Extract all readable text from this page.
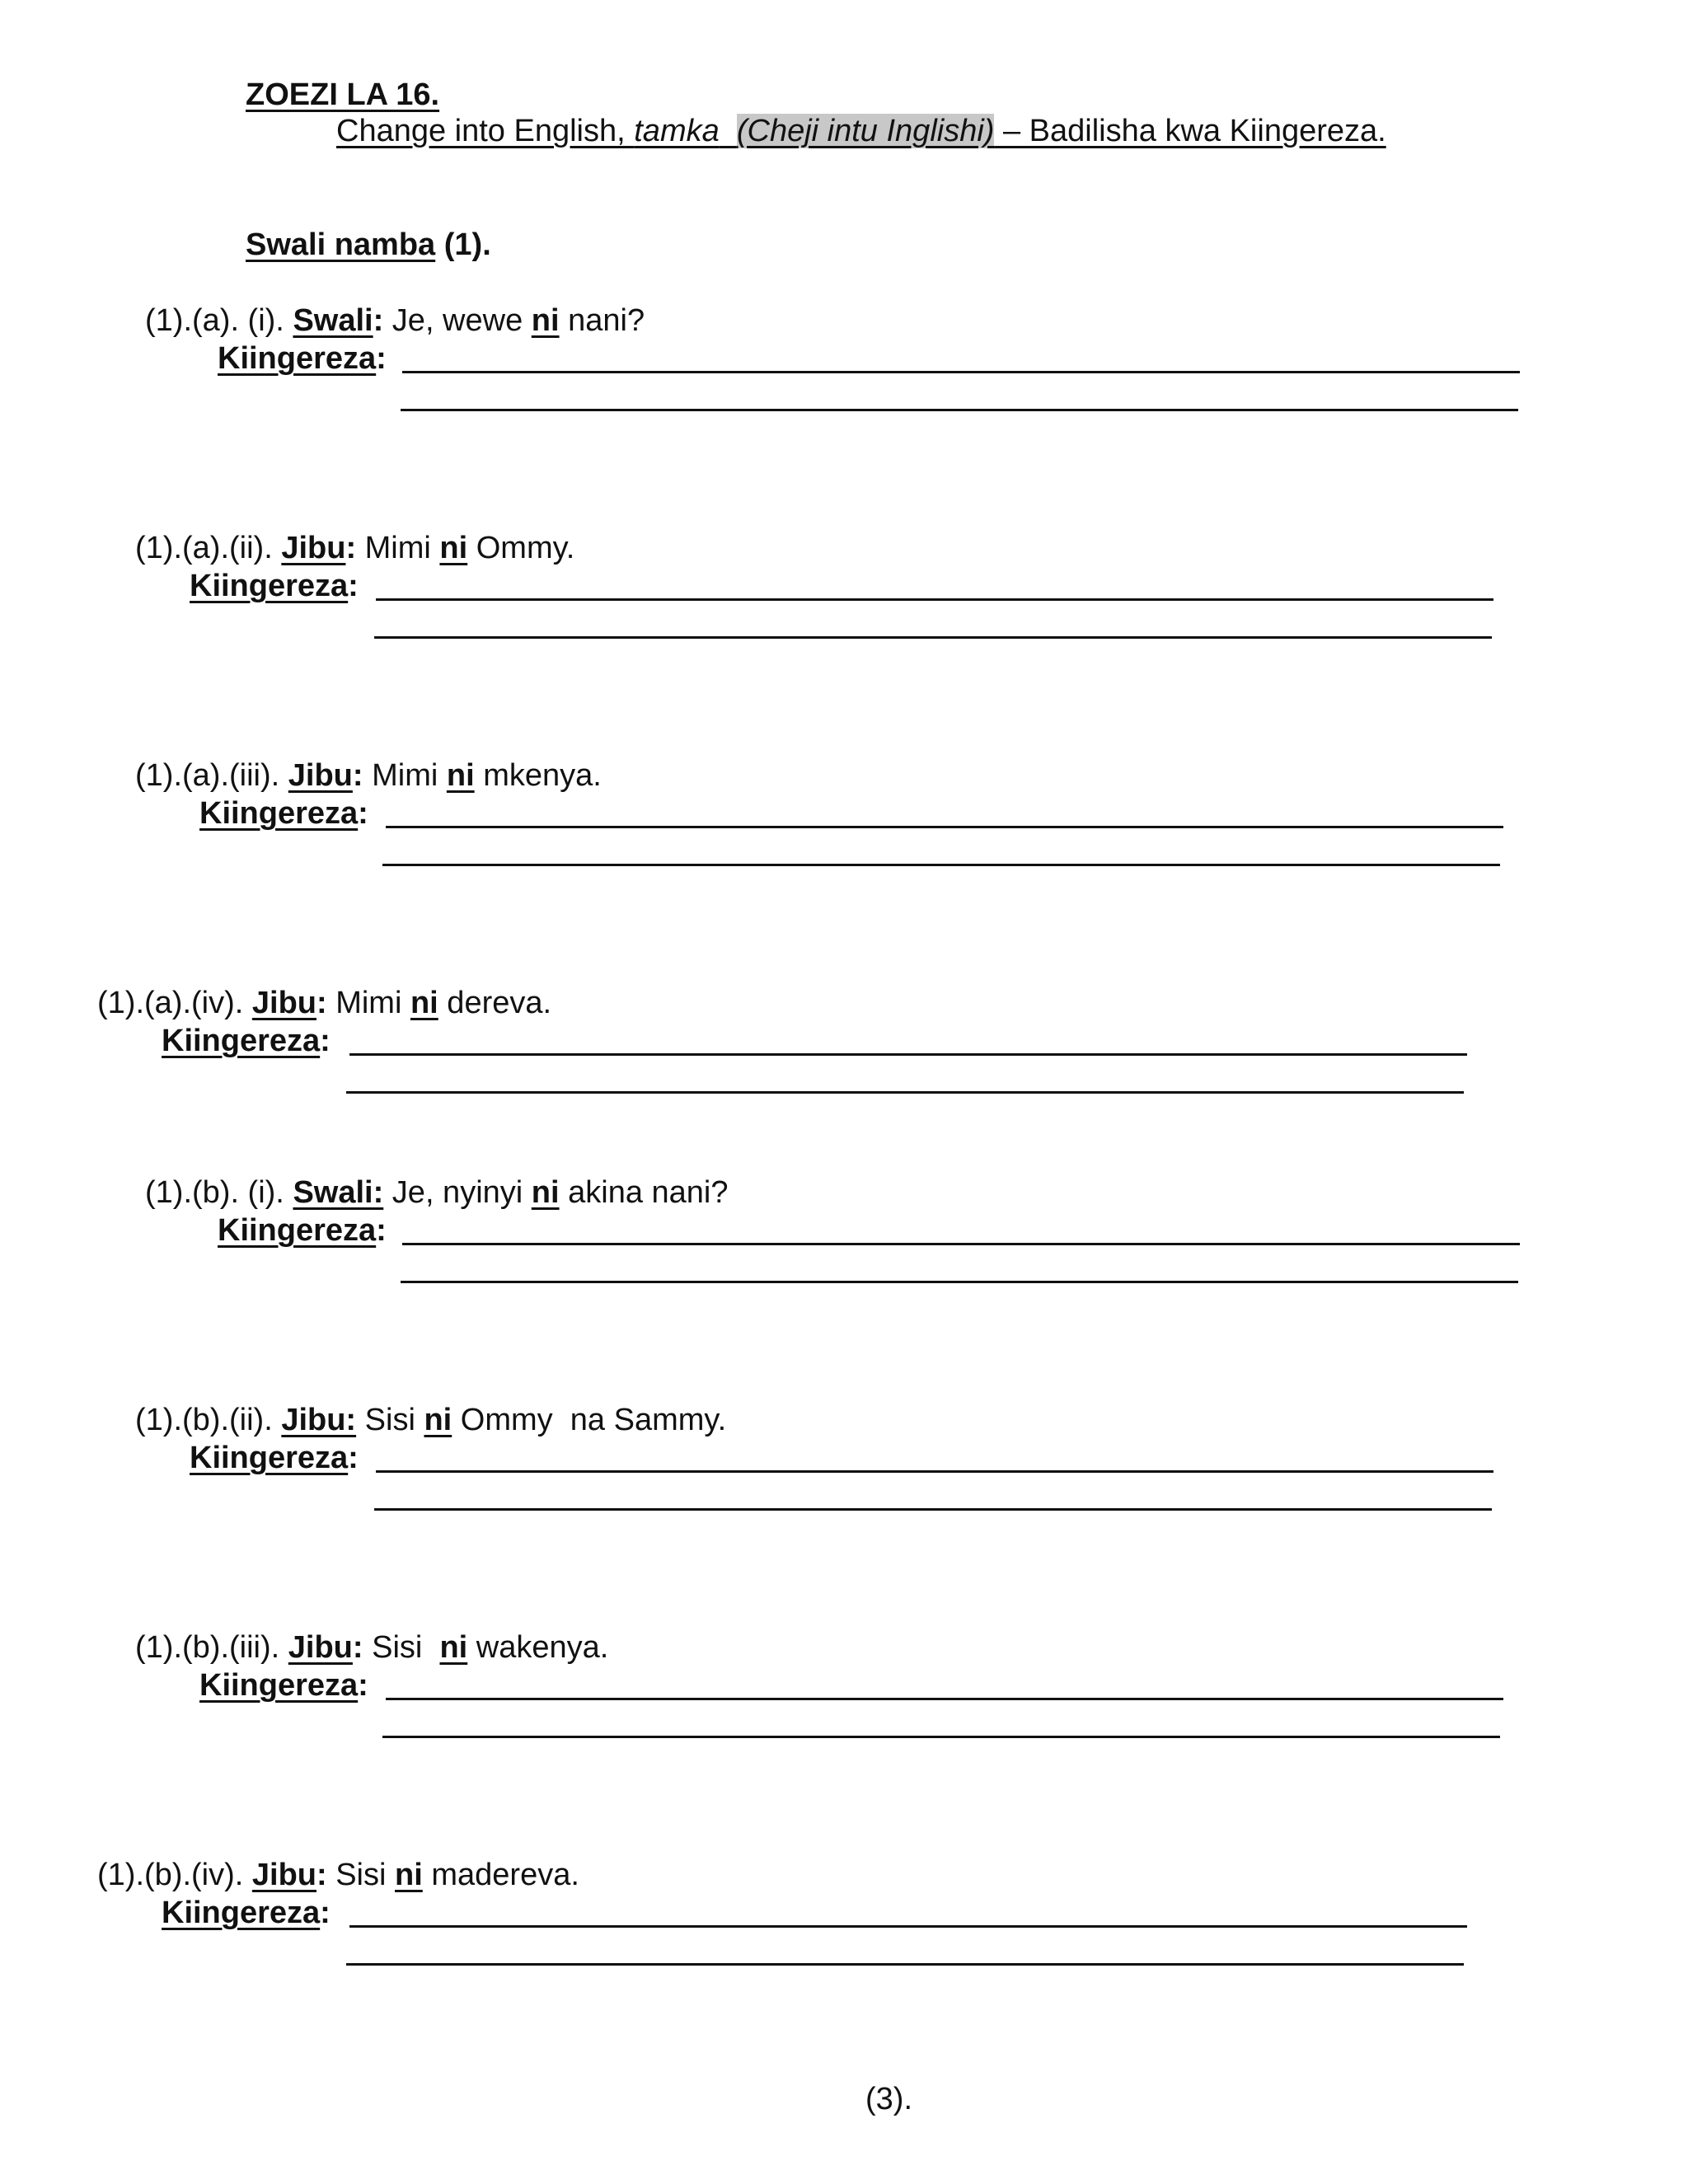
ZOEZI LA 16.
Change into English, tamka (Cheji intu Inglishi) – Badilisha kwa Kiingereza.
Swali namba (1).
(1).(a). (i). Swali: Je, wewe ni nani?
Kiingereza:
(1).(a).(ii). Jibu: Mimi ni Ommy.
Kiingereza:
(1).(a).(iii). Jibu: Mimi ni mkenya.
Kiingereza:
(1).(a).(iv). Jibu: Mimi ni dereva.
Kiingereza:
(1).(b). (i). Swali: Je, nyinyi ni akina nani?
Kiingereza:
(1).(b).(ii). Jibu: Sisi ni Ommy  na Sammy.
Kiingereza:
(1).(b).(iii). Jibu: Sisi  ni wakenya.
Kiingereza:
(1).(b).(iv). Jibu: Sisi ni madereva.
Kiingereza:
(3).
